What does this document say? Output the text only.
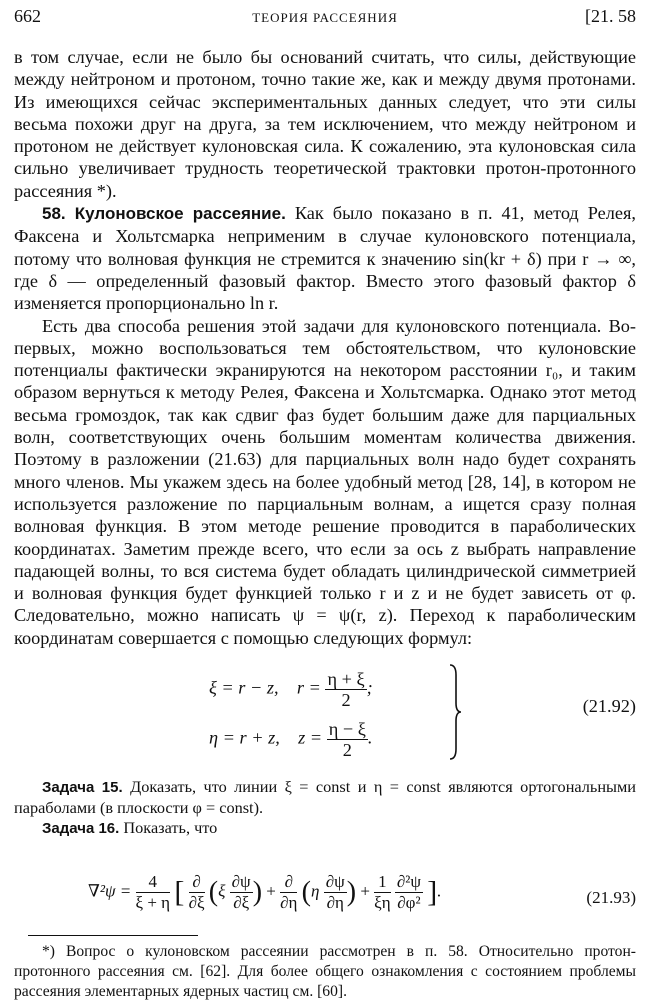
662	ТЕОРИЯ РАССЕЯНИЯ	[21. 58

в том случае, если не было бы оснований считать, что силы, действующие между нейтроном и протоном, точно такие же, как и между двумя протонами. Из имеющихся сейчас экспериментальных данных следует, что эти силы весьма похожи друг на друга, за тем исключением, что между нейтроном и протоном не действует кулоновская сила. К сожалению, эта кулоновская сила сильно увеличивает трудность теоретической трактовки протон-протонного рассеяния *).

58. Кулоновское рассеяние. Как было показано в п. 41, метод Релея, Факсена и Хольтсмарка неприменим в случае кулоновского потенциала, потому что волновая функция не стремится к значению sin(kr + δ) при r → ∞, где δ — определенный фазовый фактор. Вместо этого фазовый фактор δ изменяется пропорционально ln r.

Есть два способа решения этой задачи для кулоновского потенциала. Во-первых, можно воспользоваться тем обстоятельством, что кулоновские потенциалы фактически экранируются на некотором расстоянии r₀, и таким образом вернуться к методу Релея, Факсена и Хольтсмарка. Однако этот метод весьма громоздок, так как сдвиг фаз будет большим даже для парциальных волн, соответствующих очень большим моментам количества движения. Поэтому в разложении (21.63) для парциальных волн надо будет сохранять много членов. Мы укажем здесь на более удобный метод [28, 14], в котором не используется разложение по парциальным волнам, а ищется сразу полная волновая функция. В этом методе решение проводится в параболических координатах. Заметим прежде всего, что если за ось z выбрать направление падающей волны, то вся система будет обладать цилиндрической симметрией и волновая функция будет функцией только r и z и не будет зависеть от φ. Следовательно, можно написать ψ = ψ(r, z). Переход к параболическим координатам совершается с помощью следующих формул:

ξ = r − z, $r = \frac{\eta + \xi}{2}$ ;
η = r + z, $z = \frac{\eta - \xi}{2}$ .
(21.92)

Задача 15. Доказать, что линии ξ = const и η = const являются ортогональными параболами (в плоскости φ = const).

Задача 16. Показать, что

$\nabla^2\psi = \frac{4}{\xi + \eta}$ [ $\frac{\partial}{\partial\xi} (\xi \frac{\partial\psi}{\partial\xi}$ ) + $\frac{\partial}{\partial\eta} (\eta \frac{\partial\psi}{\partial\eta}$ ) + $\frac{1}{\xi\eta}$
$\frac{\text{∂²ψ}}{\text{∂φ²}}$ ].	(21.93)

*) Вопрос о кулоновском рассеянии рассмотрен в п. 58. Относительно протон-протонного рассеяния см. [62]. Для более общего ознакомления с состоянием проблемы рассеяния элементарных ядерных частиц см. [60].
